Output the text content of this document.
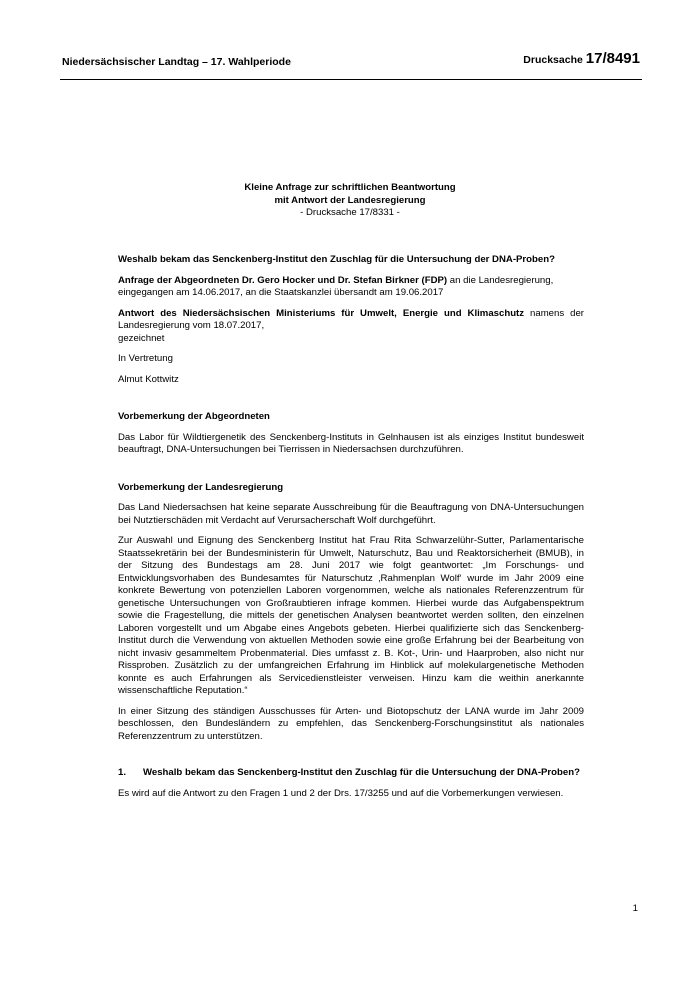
Niedersächsischer Landtag – 17. Wahlperiode	Drucksache 17/8491
Kleine Anfrage zur schriftlichen Beantwortung
mit Antwort der Landesregierung
- Drucksache 17/8331 -

Weshalb bekam das Senckenberg-Institut den Zuschlag für die Untersuchung der DNA-Proben?

Anfrage der Abgeordneten Dr. Gero Hocker und Dr. Stefan Birkner (FDP) an die Landesregierung,
eingegangen am 14.06.2017, an die Staatskanzlei übersandt am 19.06.2017

Antwort des Niedersächsischen Ministeriums für Umwelt, Energie und Klimaschutz namens der Landesregierung vom 18.07.2017,
gezeichnet

In Vertretung

Almut Kottwitz

Vorbemerkung der Abgeordneten

Das Labor für Wildtiergenetik des Senckenberg-Instituts in Gelnhausen ist als einziges Institut bundesweit beauftragt, DNA-Untersuchungen bei Tierrissen in Niedersachsen durchzuführen.

Vorbemerkung der Landesregierung

Das Land Niedersachsen hat keine separate Ausschreibung für die Beauftragung von DNA-Untersuchungen bei Nutztierschäden mit Verdacht auf Verursacherschaft Wolf durchgeführt.

Zur Auswahl und Eignung des Senckenberg Institut hat Frau Rita Schwarzelühr-Sutter, Parlamentarische Staatssekretärin bei der Bundesministerin für Umwelt, Naturschutz, Bau und Reaktorsicherheit (BMUB), in der Sitzung des Bundestags am 28. Juni 2017 wie folgt geantwortet: „Im Forschungs- und Entwicklungsvorhaben des Bundesamtes für Naturschutz ‚Rahmenplan Wolf‘ wurde im Jahr 2009 eine konkrete Bewertung von potenziellen Laboren vorgenommen, welche als nationales Referenzzentrum für genetische Untersuchungen von Großraubtieren infrage kommen. Hierbei wurde das Aufgabenspektrum sowie die Fragestellung, die mittels der genetischen Analysen beantwortet werden sollten, den einzelnen Laboren vorgestellt und um Abgabe eines Angebots gebeten. Hierbei qualifizierte sich das Senckenberg-Institut durch die Verwendung von aktuellen Methoden sowie eine große Erfahrung bei der Bearbeitung von nicht invasiv gesammeltem Probenmaterial. Dies umfasst z. B. Kot-, Urin- und Haarproben, also nicht nur Rissproben. Zusätzlich zu der umfangreichen Erfahrung im Hinblick auf molekulargenetische Methoden konnte es auch Erfahrungen als Servicedienstleister verweisen. Hinzu kam die weithin anerkannte wissenschaftliche Reputation.“

In einer Sitzung des ständigen Ausschusses für Arten- und Biotopschutz der LANA wurde im Jahr 2009 beschlossen, den Bundesländern zu empfehlen, das Senckenberg-Forschungsinstitut als nationales Referenzzentrum zu unterstützen.

1. Weshalb bekam das Senckenberg-Institut den Zuschlag für die Untersuchung der DNA-Proben?

Es wird auf die Antwort zu den Fragen 1 und 2 der Drs. 17/3255 und auf die Vorbemerkungen verwiesen.

1
